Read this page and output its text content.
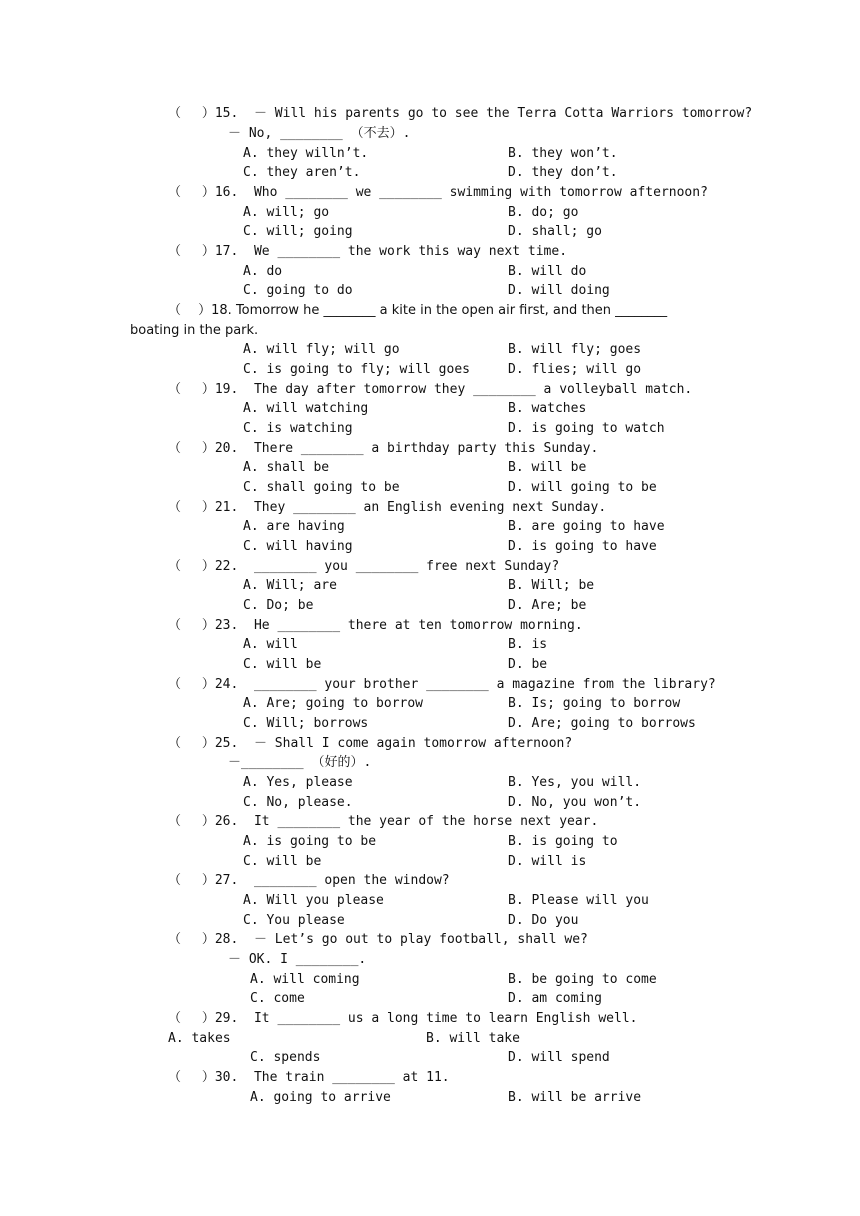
（　 ）15.  － Will his parents go to see the Terra Cotta Warriors tomorrow?
－ No, ________ （不去）.
A. they willn’t.	B. they won’t.
C. they aren’t.	D. they don’t.
（　 ）16.  Who ________ we ________ swimming with tomorrow afternoon?
A. will; go	B. do; go
C. will; going	D. shall; go
（　 ）17.  We ________ the work this way next time.
A. do	B. will do
C. going to do	D. will doing
（　 ）18. Tomorrow he ________ a kite in the open air first, and then ________
boating in the park.
A. will fly; will go	B. will fly; goes
C. is going to fly; will goes	D. flies; will go
（　 ）19.  The day after tomorrow they ________ a volleyball match.
A. will watching	B. watches
C. is watching	D. is going to watch
（　 ）20.  There ________ a birthday party this Sunday.
A. shall be	B. will be
C. shall going to be	D. will going to be
（　 ）21.  They ________ an English evening next Sunday.
A. are having	B. are going to have
C. will having	D. is going to have
（　 ）22.  ________ you ________ free next Sunday?
A. Will; are	B. Will; be
C. Do; be	D. Are; be
（　 ）23.  He ________ there at ten tomorrow morning.
A. will	B. is
C. will be	D. be
（　 ）24.  ________ your brother ________ a magazine from the library?
A. Are; going to borrow	B. Is; going to borrow
C. Will; borrows	D. Are; going to borrows
（　 ）25.  － Shall I come again tomorrow afternoon?
－________ （好的）.
A. Yes, please	B. Yes, you will.
C. No, please.	D. No, you won’t.
（　 ）26.  It ________ the year of the horse next year.
A. is going to be	B. is going to
C. will be	D. will is
（　 ）27.  ________ open the window?
A. Will you please	B. Please will you
C. You please	D. Do you
（　 ）28.  － Let’s go out to play football, shall we?
－ OK. I ________.
A. will coming	B. be going to come
C. come	D. am coming
（　 ）29.  It ________ us a long time to learn English well.
A. takes	B. will take
C. spends	D. will spend
（　 ）30.  The train ________ at 11.
A. going to arrive	B. will be arrive
